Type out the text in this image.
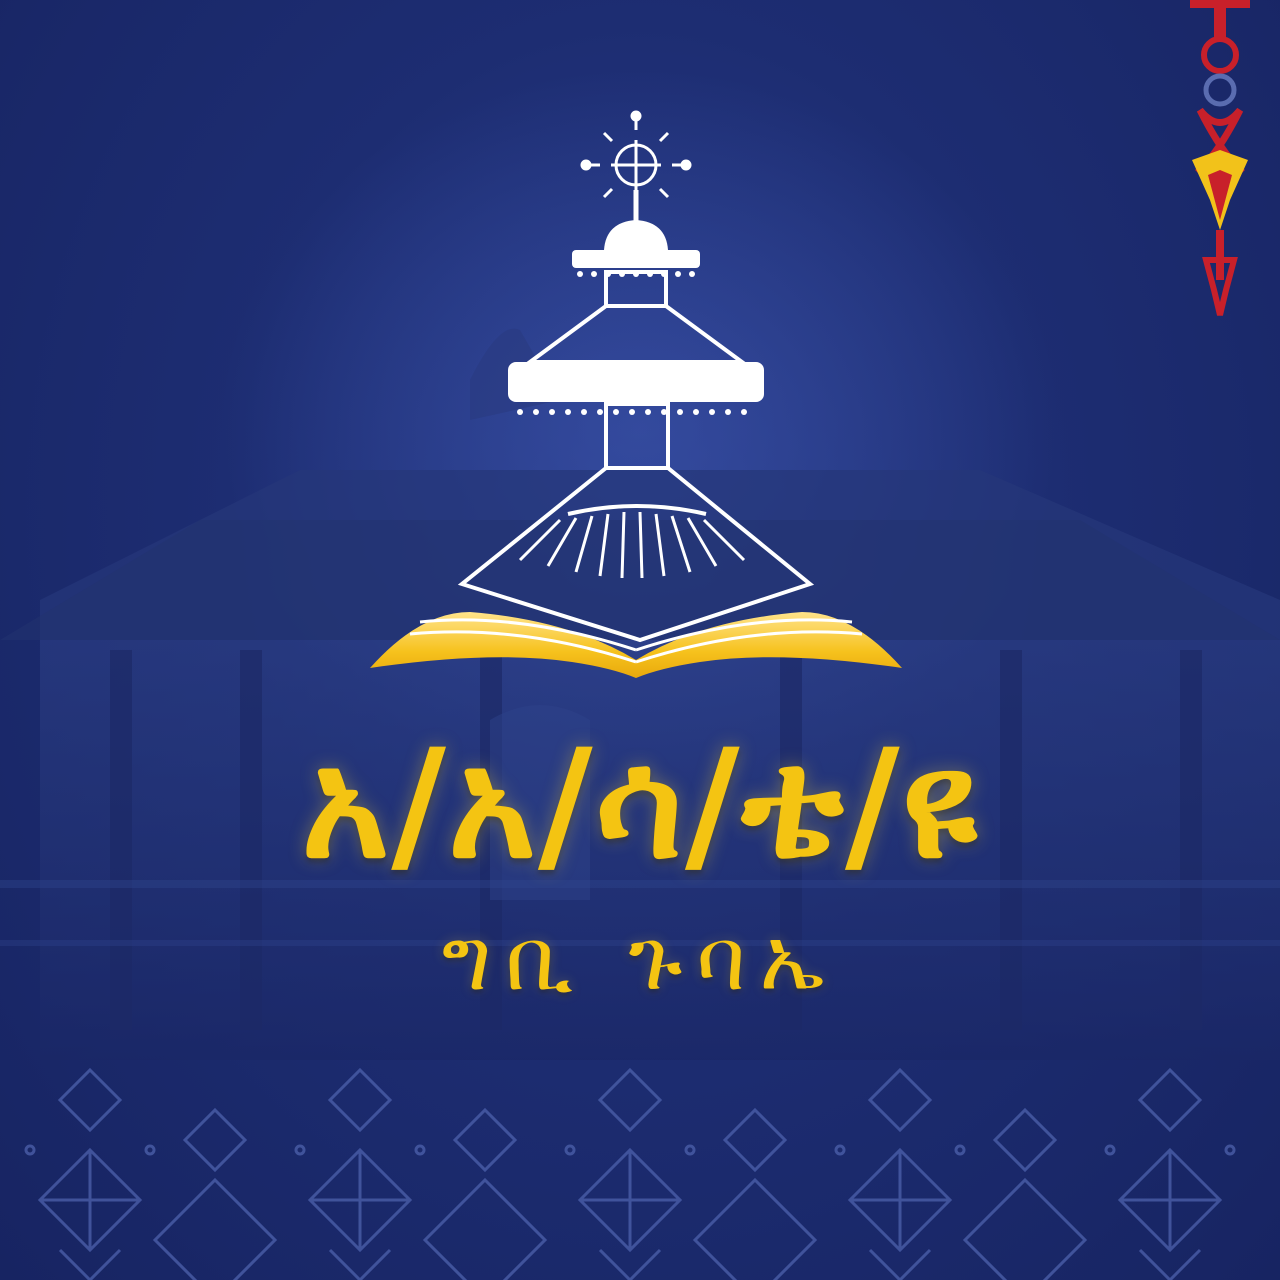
አ/አ/ሳ/ቴ/ዩ
ግቢ ጉባኤ
